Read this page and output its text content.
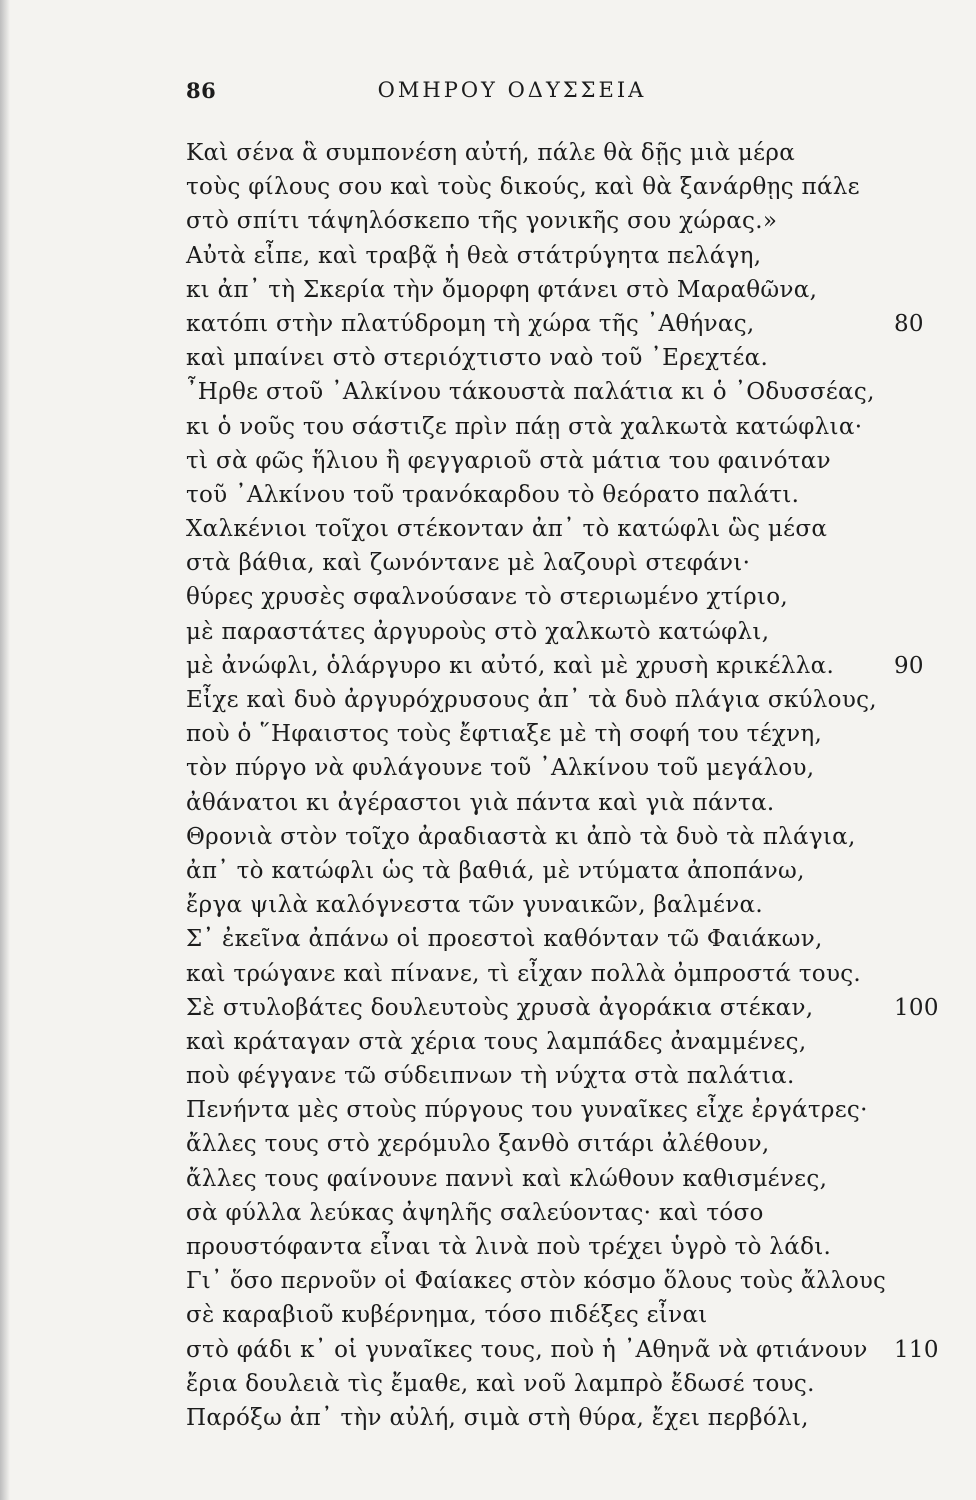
86	ΟΜΗΡΟΥ ΟΔΥΣΣΕΙΑ
Καὶ σένα ἃ συμπονέση αὐτή, πάλε θὰ δῇς μιὰ μέρα
τοὺς φίλους σου καὶ τοὺς δικούς, καὶ θὰ ξανάρθῃς πάλε
στὸ σπίτι τάψηλόσκεπο τῆς γονικῆς σου χώρας.»
Αὐτὰ εἶπε, καὶ τραβᾷ ἡ θεὰ στάτρύγητα πελάγη,
κι ἀπ᾿ τὴ Σκερία τὴν ὄμορφη φτάνει στὸ Μαραθῶνα,
κατόπι στὴν πλατύδρομη τὴ χώρα τῆς ᾿Αθήνας,	80
καὶ μπαίνει στὸ στεριόχτιστο ναὸ τοῦ ᾿Ερεχτέα.
῏Ηρθε στοῦ ᾿Αλκίνου τάκουστὰ παλάτια κι ὁ ᾿Οδυσσέας,
κι ὁ νοῦς του σάστιζε πρὶν πάῃ στὰ χαλκωτὰ κατώφλια·
τὶ σὰ φῶς ἥλιου ἢ φεγγαριοῦ στὰ μάτια του φαινόταν
τοῦ ᾿Αλκίνου τοῦ τρανόκαρδου τὸ θεόρατο παλάτι.
Χαλκένιοι τοῖχοι στέκονταν ἀπ᾿ τὸ κατώφλι ὣς μέσα
στὰ βάθια, καὶ ζωνόντανε μὲ λαζουρὶ στεφάνι·
θύρες χρυσὲς σφαλνούσανε τὸ στεριωμένο χτίριο,
μὲ παραστάτες ἀργυροὺς στὸ χαλκωτὸ κατώφλι,
μὲ ἀνώφλι, ὁλάργυρο κι αὐτό, καὶ μὲ χρυσὴ κρικέλλα.	90
Εἶχε καὶ δυὸ ἀργυρόχρυσους ἀπ᾿ τὰ δυὸ πλάγια σκύλους,
ποὺ ὁ ῞Ηφαιστος τοὺς ἔφτιαξε μὲ τὴ σοφή του τέχνη,
τὸν πύργο νὰ φυλάγουνε τοῦ ᾿Αλκίνου τοῦ μεγάλου,
ἀθάνατοι κι ἀγέραστοι γιὰ πάντα καὶ γιὰ πάντα.
Θρονιὰ στὸν τοῖχο ἀραδιαστὰ κι ἀπὸ τὰ δυὸ τὰ πλάγια,
ἀπ᾿ τὸ κατώφλι ὡς τὰ βαθιά, μὲ ντύματα ἀποπάνω,
ἔργα ψιλὰ καλόγνεστα τῶν γυναικῶν, βαλμένα.
Σ᾿ ἐκεῖνα ἀπάνω οἱ προεστοὶ καθόνταν τῶ Φαιάκων,
καὶ τρώγανε καὶ πίνανε, τὶ εἶχαν πολλὰ ὀμπροστά τους.
Σὲ στυλοβάτες δουλευτοὺς χρυσὰ ἀγοράκια στέκαν,	100
καὶ κράταγαν στὰ χέρια τους λαμπάδες ἀναμμένες,
ποὺ φέγγανε τῶ σύδειπνων τὴ νύχτα στὰ παλάτια.
Πενήντα μὲς στοὺς πύργους του γυναῖκες εἶχε ἐργάτρες·
ἄλλες τους στὸ χερόμυλο ξανθὸ σιτάρι ἀλέθουν,
ἄλλες τους φαίνουνε παννὶ καὶ κλώθουν καθισμένες,
σὰ φύλλα λεύκας ἀψηλῆς σαλεύοντας· καὶ τόσο
πρoυστόφαντα εἶναι τὰ λινὰ ποὺ τρέχει ὑγρὸ τὸ λάδι.
Γι᾿ ὅσο περνοῦν οἱ Φαίακες στὸν κόσμο ὅλους τοὺς ἄλλους
σὲ καραβιοῦ κυβέρνημα, τόσο πιδέξες εἶναι
στὸ φάδι κ᾿ οἱ γυναῖκες τους, ποὺ ἡ ᾿Αθηνᾶ νὰ φτιάνουν 110
ἔρια δουλειὰ τὶς ἔμαθε, καὶ νοῦ λαμπρὸ ἔδωσέ τους.
Παρόξω ἀπ᾿ τὴν αὐλή, σιμὰ στὴ θύρα, ἔχει περβόλι,
